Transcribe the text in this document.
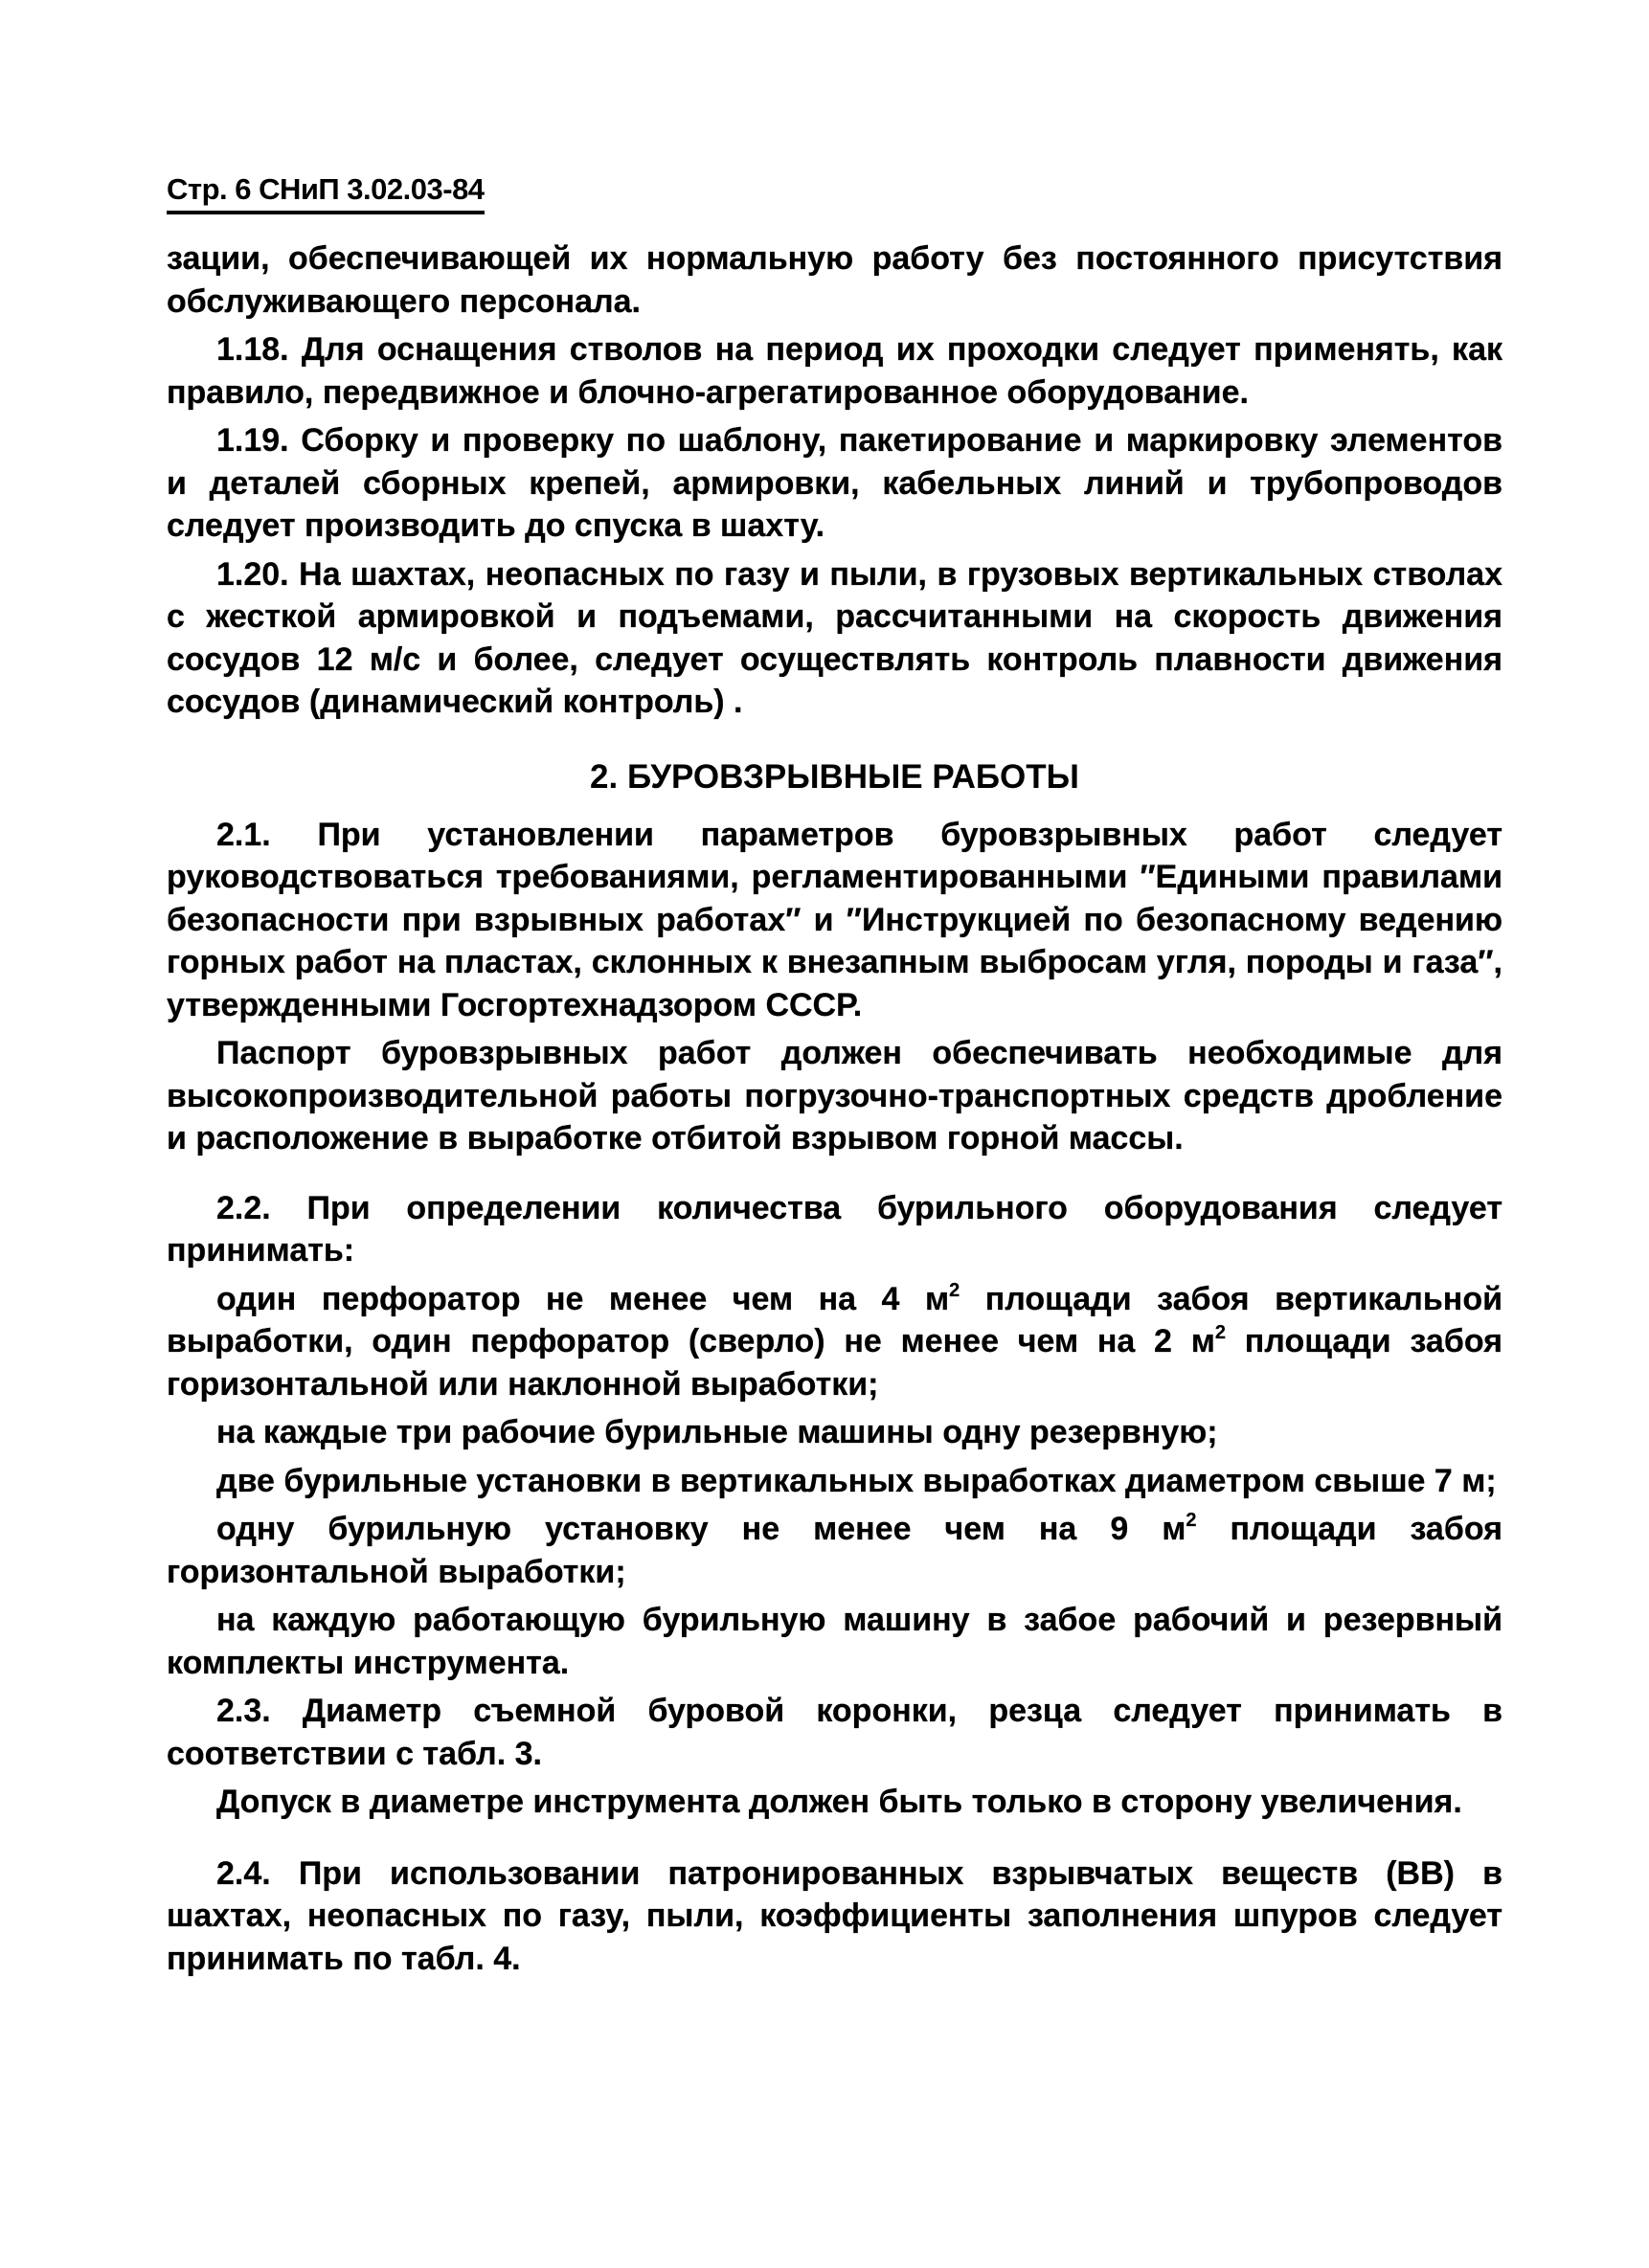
Стр. 6 СНиП 3.02.03-84

зации, обеспечивающей их нормальную работу без постоянного присутствия обслуживающего персонала.

1.18. Для оснащения стволов на период их проходки следует применять, как правило, передвижное и блочно-агрегатированное оборудование.

1.19. Сборку и проверку по шаблону, пакетирование и маркировку элементов и деталей сборных крепей, армировки, кабельных линий и трубопроводов следует производить до спуска в шахту.

1.20. На шахтах, неопасных по газу и пыли, в грузовых вертикальных стволах с жесткой армировкой и подъемами, рассчитанными на скорость движения сосудов 12 м/с и более, следует осуществлять контроль плавности движения сосудов (динамический контроль) .

2. БУРОВЗРЫВНЫЕ РАБОТЫ

2.1. При установлении параметров буровзрывных работ следует руководствоваться требованиями, регламентированными ″Едиными правилами безопасности при взрывных работах″ и ″Инструкцией по безопасному ведению горных работ на пластах, склонных к внезапным выбросам угля, породы и газа″, утвержденными Госгортехнадзором СССР.

Паспорт буровзрывных работ должен обеспечивать необходимые для высокопроизводительной работы погрузочно-транспортных средств дробление и расположение в выработке отбитой взрывом горной массы.

2.2. При определении количества бурильного оборудования следует принимать:

один перфоратор не менее чем на 4 $м^2$ площади забоя вертикальной выработки, один перфоратор (сверло) не менее чем на 2 $м^2$ площади забоя горизонтальной или наклонной выработки;

на каждые три рабочие бурильные машины одну резервную;

две бурильные установки в вертикальных выработках диаметром свыше 7 м;

одну бурильную установку не менее чем на 9 $м^2$ площади забоя горизонтальной выработки;

на каждую работающую бурильную машину в забое рабочий и резервный комплекты инструмента.

2.3. Диаметр съемной буровой коронки, резца следует принимать в соответствии с табл. 3.

Допуск в диаметре инструмента должен быть только в сторону увеличения.

2.4. При использовании патронированных взрывчатых веществ (ВВ) в шахтах, неопасных по газу, пыли, коэффициенты заполнения шпуров следует принимать по табл. 4.
